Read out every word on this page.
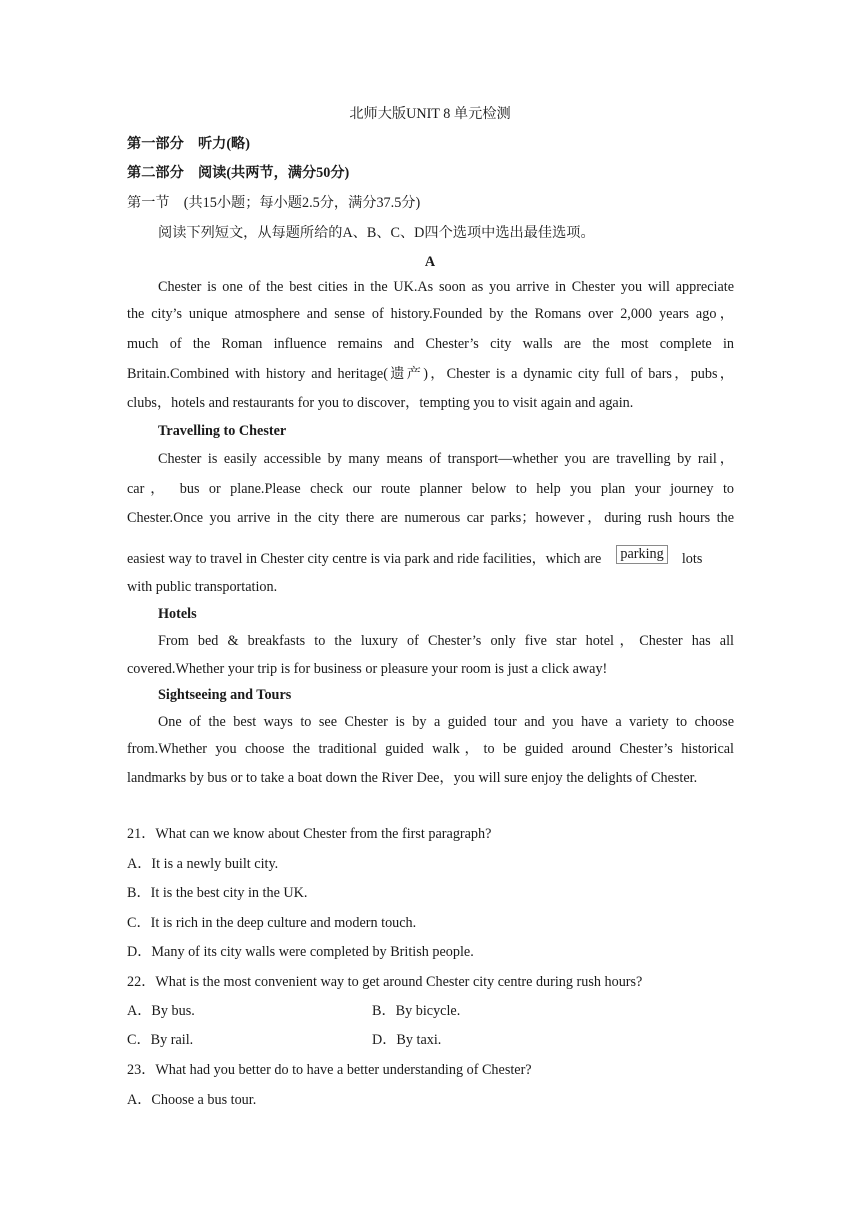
北师大版UNIT 8 单元检测
第一部分　听力(略)
第二部分　阅读(共两节，满分50分)
第一节　(共15小题；每小题2.5分，满分37.5分)
阅读下列短文，从每题所给的A、B、C、D四个选项中选出最佳选项。
A
Chester is one of the best cities in the UK.As soon as you arrive in Chester you will appreciate
the city’s unique atmosphere and sense of history.Founded by the Romans over 2,000 years ago，
much of the Roman influence remains and Chester’s city walls are the most complete in
Britain.Combined with history and heritage(遗产)，Chester is a dynamic city full of bars，pubs，
clubs，hotels and restaurants for you to discover，tempting you to visit again and again.
Travelling to Chester
Chester is easily accessible by many means of transport—whether you are travelling by rail，
car， bus or plane.Please check our route planner below to help you plan your journey to
Chester.Once you arrive in the city there are numerous car parks；however，during rush hours the
easiest way to travel in Chester city centre is via park and ride facilities，which are parking lots
with public transportation.
Hotels
From bed & breakfasts to the luxury of Chester’s only five star hotel，Chester has all
covered.Whether your trip is for business or pleasure your room is just a click away!
Sightseeing and Tours
One of the best ways to see Chester is by a guided tour and you have a variety to choose
from.Whether you choose the traditional guided walk，to be guided around Chester’s historical
landmarks by bus or to take a boat down the River Dee，you will sure enjoy the delights of Chester.
21．What can we know about Chester from the first paragraph?
A．It is a newly built city.
B．It is the best city in the UK.
C．It is rich in the deep culture and modern touch.
D．Many of its city walls were completed by British people.
22．What is the most convenient way to get around Chester city centre during rush hours?
A．By bus.	B．By bicycle.
C．By rail.	D．By taxi.
23．What had you better do to have a better understanding of Chester?
A．Choose a bus tour.
